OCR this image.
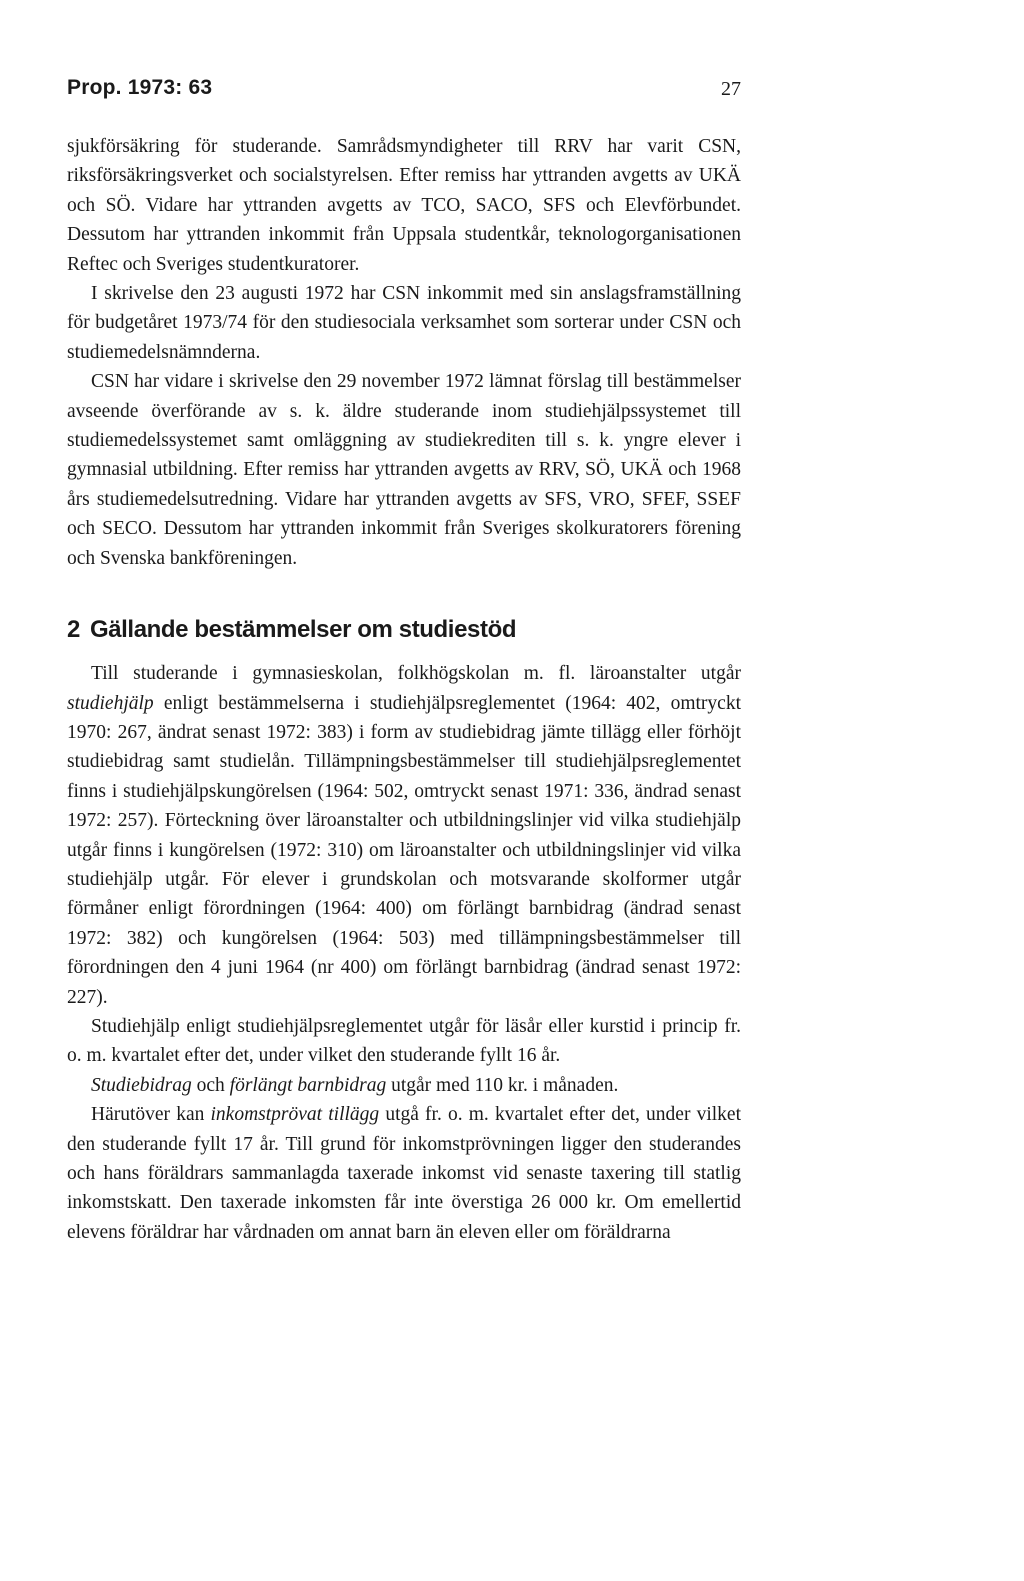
Prop. 1973: 63	27

sjukförsäkring för studerande. Samrådsmyndigheter till RRV har varit CSN, riksförsäkringsverket och socialstyrelsen. Efter remiss har yttranden avgetts av UKÄ och SÖ. Vidare har yttranden avgetts av TCO, SACO, SFS och Elevförbundet. Dessutom har yttranden inkommit från Uppsala studentkår, teknologorganisationen Reftec och Sveriges studentkuratorer.

I skrivelse den 23 augusti 1972 har CSN inkommit med sin anslagsframställning för budgetåret 1973/74 för den studiesociala verksamhet som sorterar under CSN och studiemedelsnämnderna.

CSN har vidare i skrivelse den 29 november 1972 lämnat förslag till bestämmelser avseende överförande av s. k. äldre studerande inom studiehjälpssystemet till studiemedelssystemet samt omläggning av studiekrediten till s. k. yngre elever i gymnasial utbildning. Efter remiss har yttranden avgetts av RRV, SÖ, UKÄ och 1968 års studiemedelsutredning. Vidare har yttranden avgetts av SFS, VRO, SFEF, SSEF och SECO. Dessutom har yttranden inkommit från Sveriges skolkuratorers förening och Svenska bankföreningen.

2 Gällande bestämmelser om studiestöd

Till studerande i gymnasieskolan, folkhögskolan m. fl. läroanstalter utgår studiehjälp enligt bestämmelserna i studiehjälpsreglementet (1964: 402, omtryckt 1970: 267, ändrat senast 1972: 383) i form av studiebidrag jämte tillägg eller förhöjt studiebidrag samt studielån. Tillämpningsbestämmelser till studiehjälpsreglementet finns i studiehjälpskungörelsen (1964: 502, omtryckt senast 1971: 336, ändrad senast 1972: 257). Förteckning över läroanstalter och utbildningslinjer vid vilka studiehjälp utgår finns i kungörelsen (1972: 310) om läroanstalter och utbildningslinjer vid vilka studiehjälp utgår. För elever i grundskolan och motsvarande skolformer utgår förmåner enligt förordningen (1964: 400) om förlängt barnbidrag (ändrad senast 1972: 382) och kungörelsen (1964: 503) med tillämpningsbestämmelser till förordningen den 4 juni 1964 (nr 400) om förlängt barnbidrag (ändrad senast 1972: 227).

Studiehjälp enligt studiehjälpsreglementet utgår för läsår eller kurstid i princip fr. o. m. kvartalet efter det, under vilket den studerande fyllt 16 år.

Studiebidrag och förlängt barnbidrag utgår med 110 kr. i månaden.

Härutöver kan inkomstprövat tillägg utgå fr. o. m. kvartalet efter det, under vilket den studerande fyllt 17 år. Till grund för inkomstprövningen ligger den studerandes och hans föräldrars sammanlagda taxerade inkomst vid senaste taxering till statlig inkomstskatt. Den taxerade inkomsten får inte överstiga 26 000 kr. Om emellertid elevens föräldrar har vårdnaden om annat barn än eleven eller om föräldrarna
